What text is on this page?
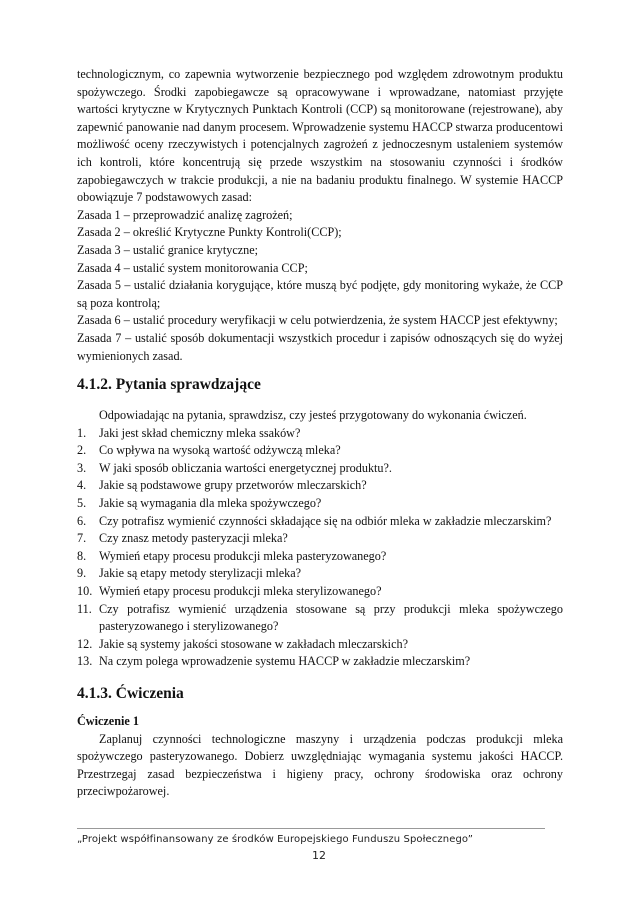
technologicznym, co zapewnia wytworzenie bezpiecznego pod względem zdrowotnym produktu spożywczego. Środki zapobiegawcze są opracowywane i wprowadzane, natomiast przyjęte wartości krytyczne w Krytycznych Punktach Kontroli (CCP) są monitorowane (rejestrowane), aby zapewnić panowanie nad danym procesem. Wprowadzenie systemu HACCP stwarza producentowi możliwość oceny rzeczywistych i potencjalnych zagrożeń z jednoczesnym ustaleniem systemów ich kontroli, które koncentrują się przede wszystkim na stosowaniu czynności i środków zapobiegawczych w trakcie produkcji, a nie na badaniu produktu finalnego. W systemie HACCP obowiązuje 7 podstawowych zasad:

Zasada 1 – przeprowadzić analizę zagrożeń;

Zasada 2 – określić Krytyczne Punkty Kontroli(CCP);

Zasada 3 – ustalić granice krytyczne;

Zasada 4 – ustalić system monitorowania CCP;

Zasada 5 – ustalić działania korygujące, które muszą być podjęte, gdy monitoring wykaże, że CCP są poza kontrolą;

Zasada 6 – ustalić procedury weryfikacji w celu potwierdzenia, że system HACCP jest efektywny;

Zasada 7 – ustalić sposób dokumentacji wszystkich procedur i zapisów odnoszących się do wyżej wymienionych zasad.

4.1.2. Pytania sprawdzające

Odpowiadając na pytania, sprawdzisz, czy jesteś przygotowany do wykonania ćwiczeń.

1. Jaki jest skład chemiczny mleka ssaków?
2. Co wpływa na wysoką wartość odżywczą mleka?
3. W jaki sposób obliczania wartości energetycznej produktu?.
4. Jakie są podstawowe grupy przetworów mleczarskich?
5. Jakie są wymagania dla mleka spożywczego?
6. Czy potrafisz wymienić czynności składające się na odbiór mleka w zakładzie mleczarskim?
7. Czy znasz metody pasteryzacji mleka?
8. Wymień etapy procesu produkcji mleka pasteryzowanego?
9. Jakie są etapy metody sterylizacji mleka?
10. Wymień etapy procesu produkcji mleka sterylizowanego?
11. Czy potrafisz wymienić urządzenia stosowane są przy produkcji mleka spożywczego pasteryzowanego i sterylizowanego?
12. Jakie są systemy jakości stosowane w zakładach mleczarskich?
13. Na czym polega wprowadzenie systemu HACCP w zakładzie mleczarskim?
4.1.3. Ćwiczenia

Ćwiczenie 1

Zaplanuj czynności technologiczne maszyny i urządzenia podczas produkcji mleka spożywczego pasteryzowanego. Dobierz uwzględniając wymagania systemu jakości HACCP. Przestrzegaj zasad bezpieczeństwa i higieny pracy, ochrony środowiska oraz ochrony przeciwpożarowej.

„Projekt współfinansowany ze środków Europejskiego Funduszu Społecznego”
12
